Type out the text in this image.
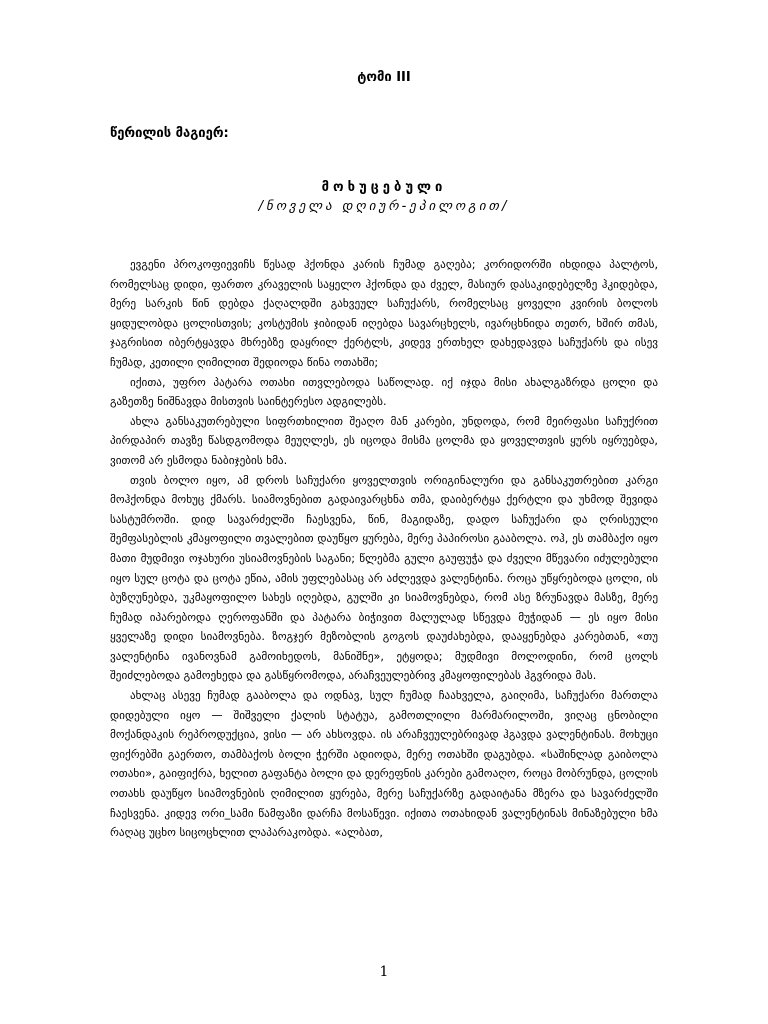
ტომი III
წერილის მაგიერ:
მოხუცებული
/ნოველა დღიურ-ეპილოგით/

ევგენი პროკოფიევიჩს წესად ჰქონდა კარის ჩუმად გაღება; კორიდორში იხდიდა პალტოს, რომელსაც დიდი, ფართო კრაველის საყელო ჰქონდა და ძველ, მასიურ დასაკიდებელზე ჰკიდებდა, მერე სარკის წინ დებდა ქაღალდში გახვეულ საჩუქარს, რომელსაც ყოველი კვირის ბოლოს ყიდულობდა ცოლისთვის; კოსტუმის ჯიბიდან იღებდა სავარცხელს, ივარცხნიდა თეთრ, ხშირ თმას, ჯაგრისით იბერტყავდა მხრებზე დაყრილ ქერტლს, კიდევ ერთხელ დახედავდა საჩუქარს და ისევ ჩუმად, კეთილი ღიმილით შედიოდა წინა ოთახში;

იქითა, უფრო პატარა ოთახი ითვლებოდა საწოლად. იქ იჯდა მისი ახალგაზრდა ცოლი და გაზეთზე ნიშნავდა მისთვის საინტერესო ადგილებს.

ახლა განსაკუთრებული სიფრთხილით შეაღო მან კარები, უნდოდა, რომ მეირფასი საჩუქრით პირდაპირ თავზე წასდგომოდა მეუღლეს, ეს იცოდა მისმა ცოლმა და ყოველთვის ყურს იყრუებდა, ვითომ არ ესმოდა ნაბიჯების ხმა.

თვის ბოლო იყო, ამ დროს საჩუქარი ყოველთვის ორიგინალური და განსაკუთრებით კარგი მოჰქონდა მოხუც ქმარს. სიამოვნებით გადაივარცხნა თმა, დაიბერტყა ქერტლი და უხმოდ შევიდა სასტუმროში. დიდ სავარძელში ჩაესვენა, წინ, მაგიდაზე, დადო საჩუქარი და ღრისეული შემფასებლის კმაყოფილი თვალებით დაუწყო ყურება, მერე პაპიროსი გააბოლა. ოჰ, ეს თამბაქო იყო მათი მუდმივი ოჯახური უსიამოვნების საგანი; წლებმა გული გაუფუჭა და ძველი მწევარი იძულებული იყო სულ ცოტა და ცოტა ეწია, ამის უფლებასაც არ აძლევდა ვალენტინა. როცა უწყრებოდა ცოლი, ის ბუზღუნებდა, უკმაყოფილო სახეს იღებდა, გულში კი სიამოვნებდა, რომ ასე ზრუნავდა მასზე, მერე ჩუმად იპარებოდა ღეროფანში და პატარა ბიჭივით მალულად სწევდა მუჭიდან — ეს იყო მისი ყველაზე დიდი სიამოვნება. ზოგჯერ მეზობლის გოგოს დაუძახებდა, დააყენებდა კარებთან, «თუ ვალენტინა ივანოვნამ გამოიხედოს, მანიშნე», ეტყოდა; მუდმივი მოლოდინი, რომ ცოლს შეიძლებოდა გამოეხედა და გასწყრომოდა, არაჩვეულებრივ კმაყოფილებას ჰგვრიდა მას.

ახლაც ასევე ჩუმად გააბოლა და ოდნავ, სულ ჩუმად ჩაახველა, გაიღიმა, საჩუქარი მართლა დიდებული იყო — შიშველი ქალის სტატუა, გამოთლილი მარმარილოში, ვიღაც ცნობილი მოქანდაკის რეპროდუქცია, ვისი — არ ახსოვდა. ის არაჩვეულებრივად ჰგავდა ვალენტინას. მოხუცი ფიქრებში გაერთო, თამბაქოს ბოლი ჭერში ადიოდა, მერე ოთახში დაგუბდა. «საშინლად გაიბოლა ოთახი», გაიფიქრა, ხელით გაფანტა ბოლი და დერეფნის კარები გამოაღო, როცა მობრუნდა, ცოლის ოთახს დაუწყო სიამოვნების ღიმილით ყურება, მერე საჩუქარზე გადაიტანა მზერა და სავარძელში ჩაესვენა. კიდევ ორი_სამი წამფაზი დარჩა მოსაწევი. იქითა ოთახიდან ვალენტინას მინაზებული ხმა რაღაც უცხო სიცოცხლით ლაპარაკობდა. «ალბათ,

1
